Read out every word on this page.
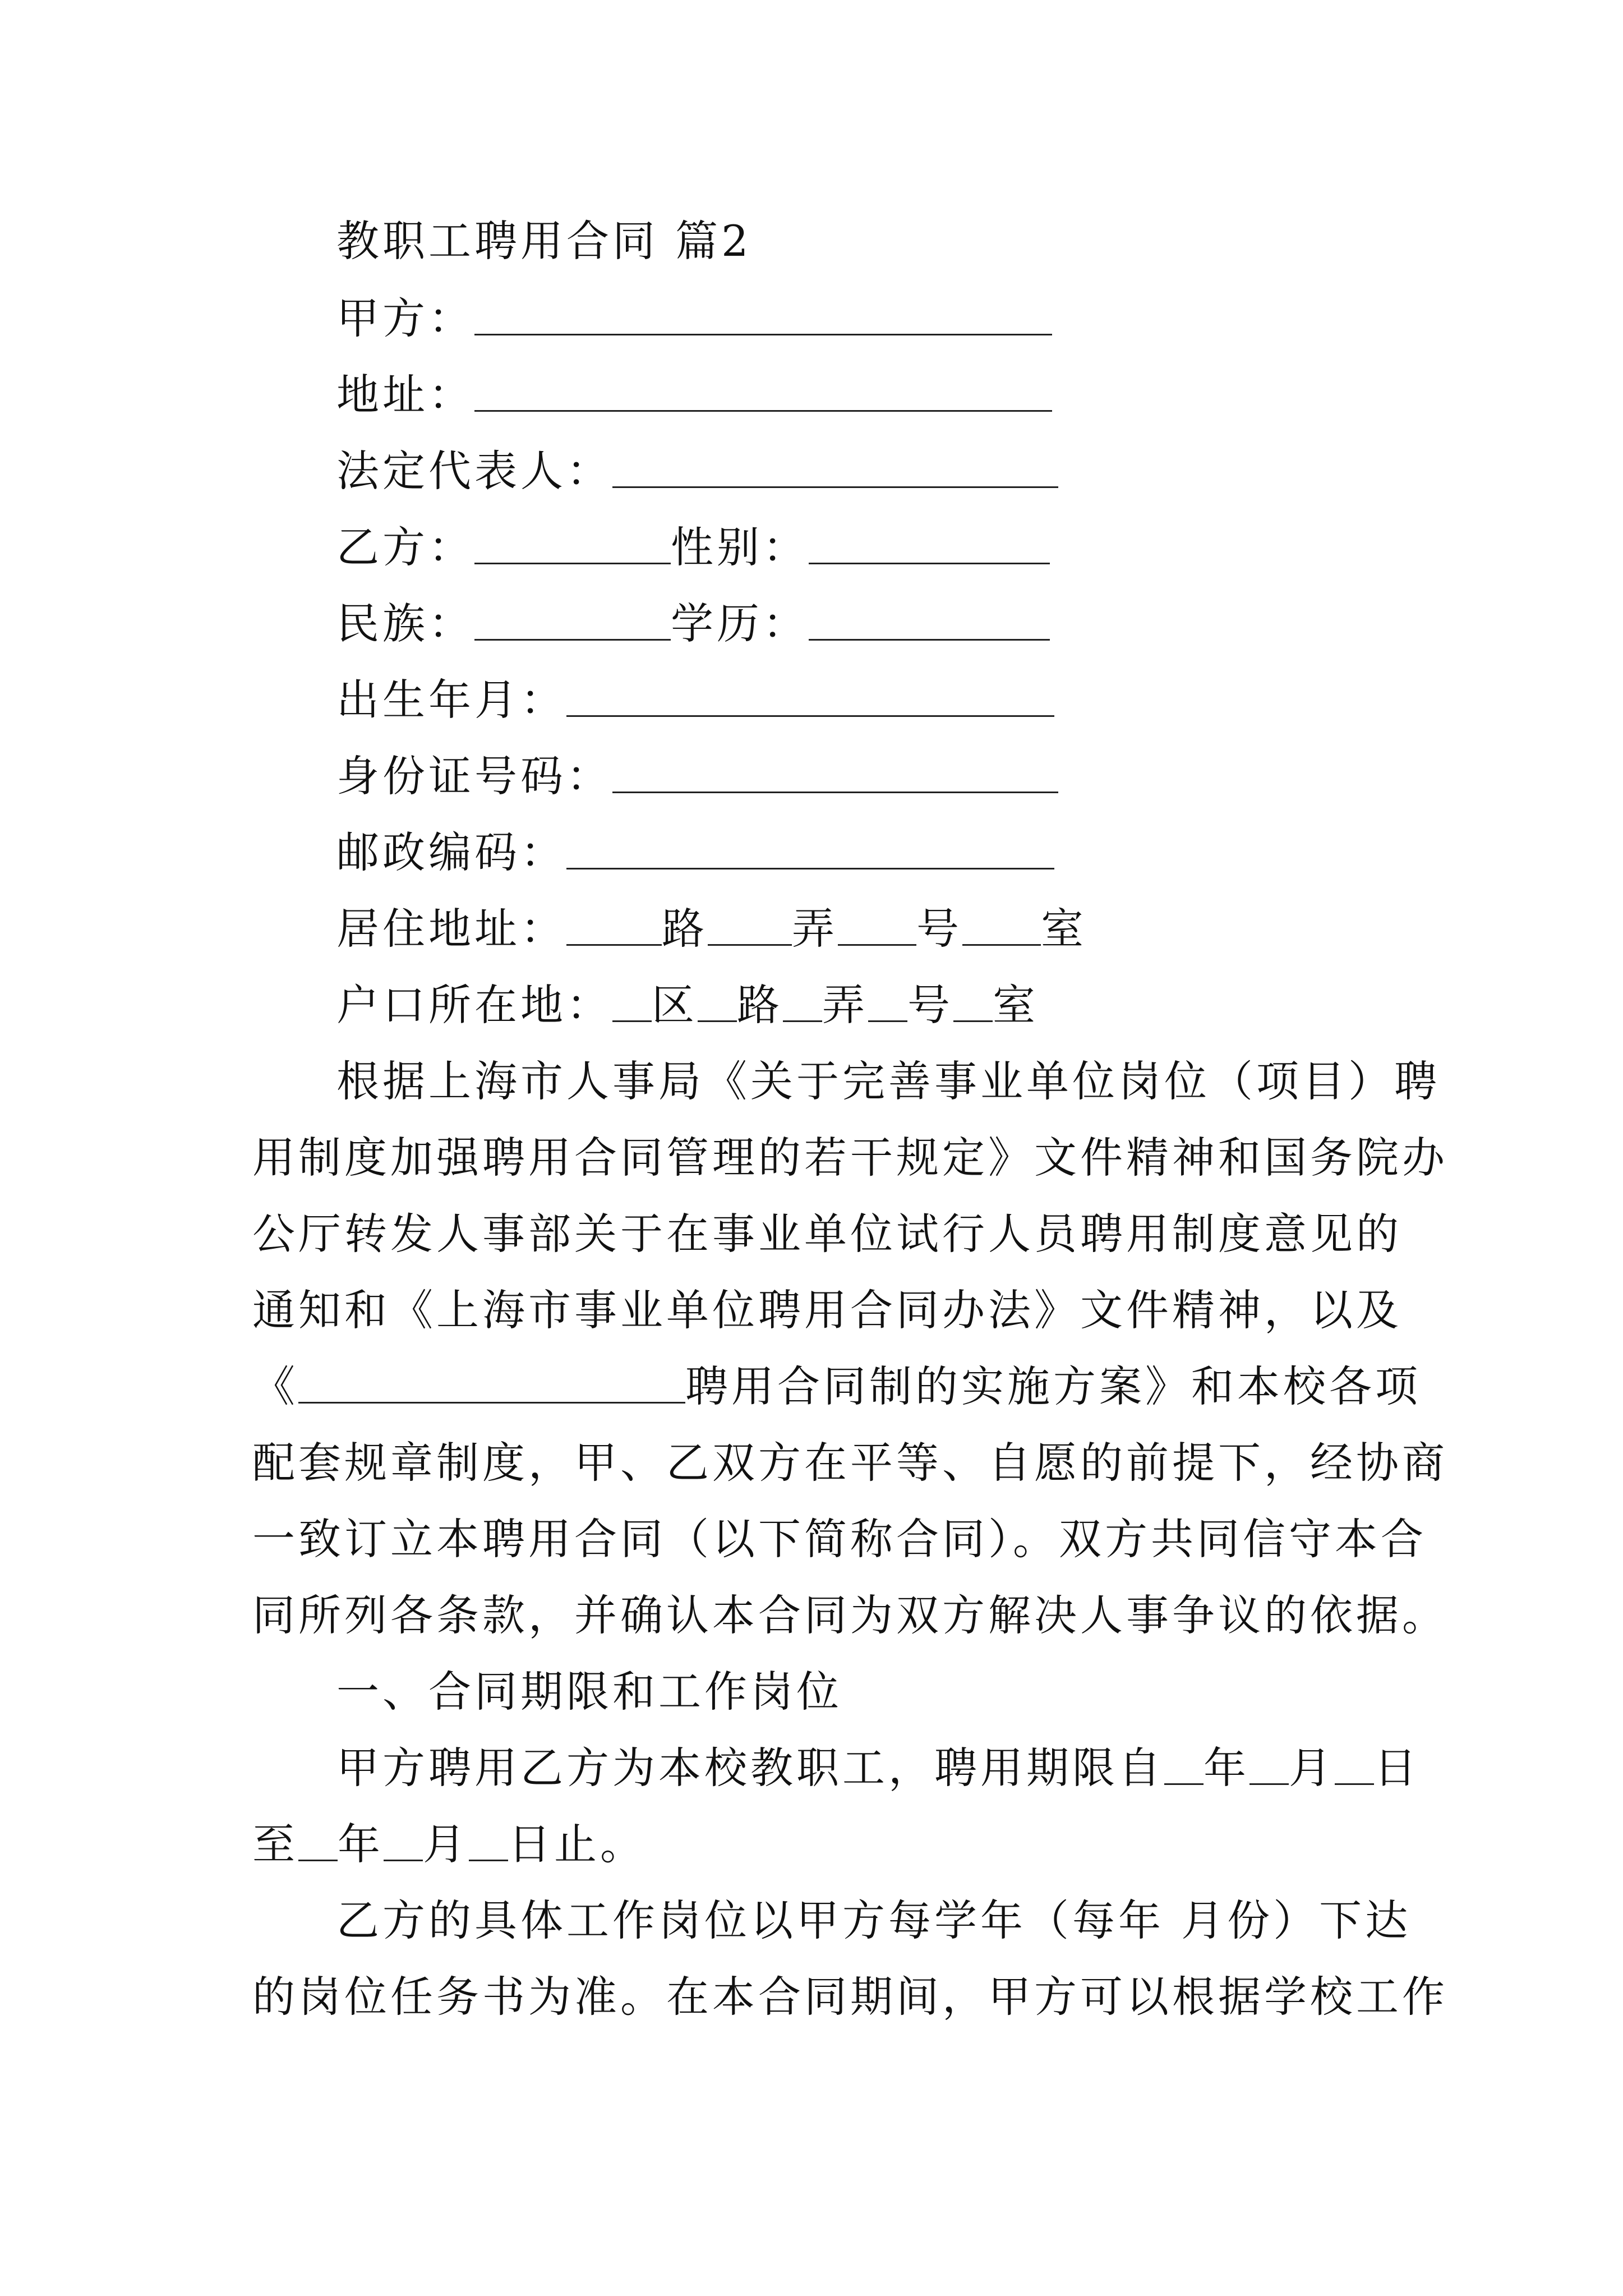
教职工聘用合同 篇2
甲方：
地址：
法定代表人：
乙方：	性别：
民族：	学历：
出生年月：
身份证号码：
邮政编码：
居住地址： 路 弄 号 室
户口所在地： 区 路 弄 号 室
根据上海市人事局《关于完善事业单位岗位（项目）聘
用制度加强聘用合同管理的若干规定》文件精神和国务院办
公厅转发人事部关于在事业单位试行人员聘用制度意见的
通知和《上海市事业单位聘用合同办法》文件精神，以及
《	聘用合同制的实施方案》和本校各项
配套规章制度，甲、乙双方在平等、自愿的前提下，经协商
一致订立本聘用合同（以下简称合同）。双方共同信守本合
同所列各条款，并确认本合同为双方解决人事争议的依据。
一、合同期限和工作岗位
甲方聘用乙方为本校教职工，聘用期限自 年 月 日
至 年 月 日止。
乙方的具体工作岗位以甲方每学年（每年 月份）下达
的岗位任务书为准。在本合同期间，甲方可以根据学校工作
